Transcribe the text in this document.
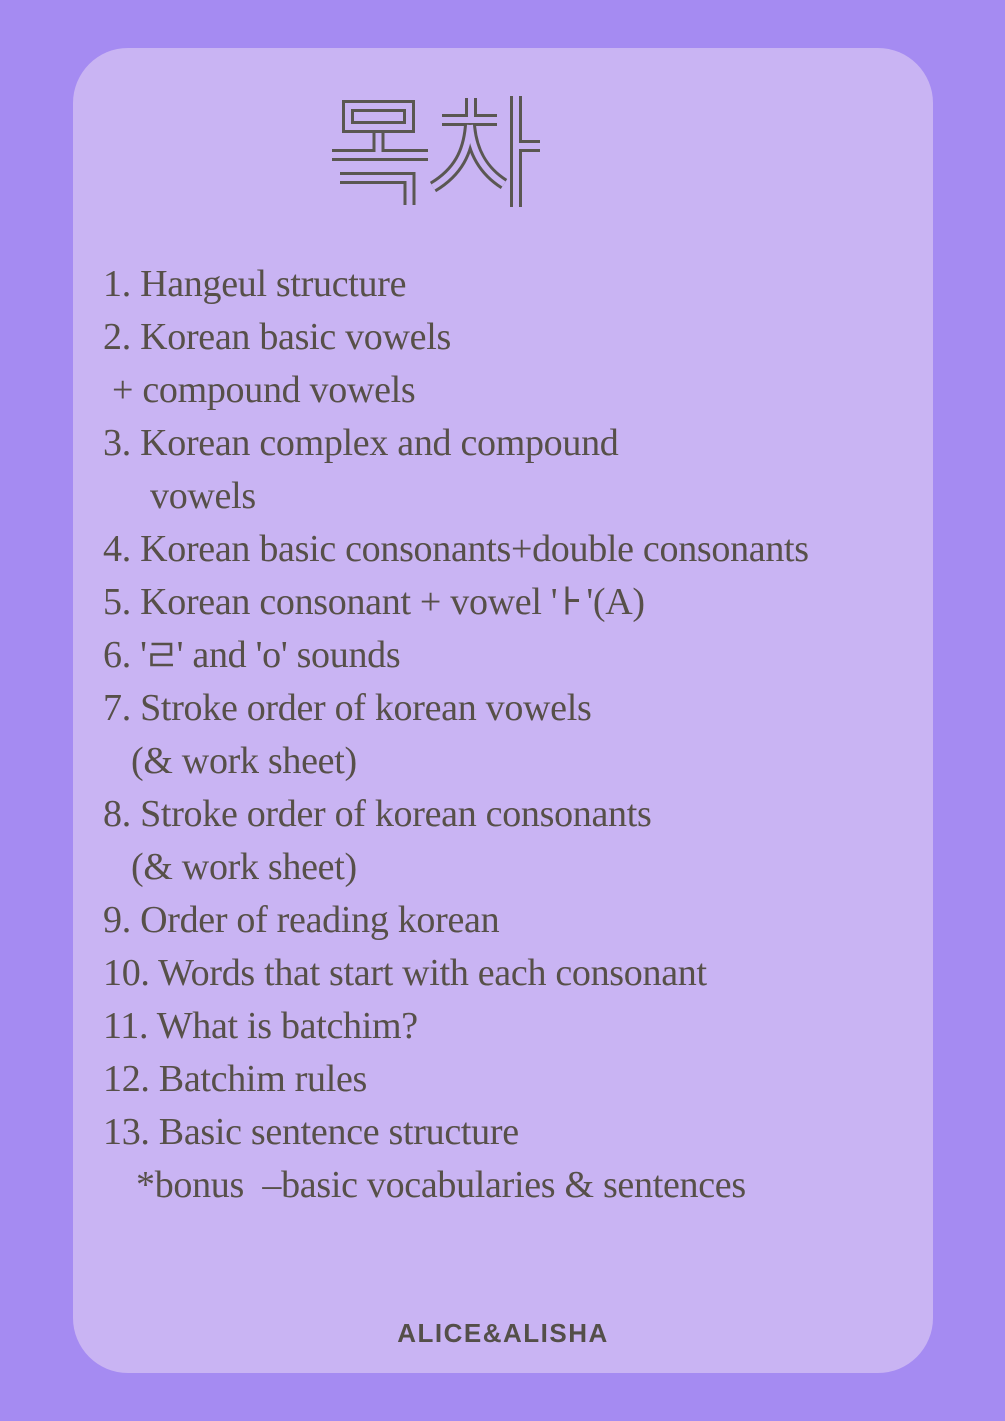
1. Hangeul structure
2. Korean basic vowels
+ compound vowels
3. Korean complex and compound
vowels
4. Korean basic consonants+double consonants
5. Korean consonant + vowel ' '(A)
6. ' ' and 'o' sounds
7. Stroke order of korean vowels
(& work sheet)
8. Stroke order of korean consonants
(& work sheet)
9. Order of reading korean
10. Words that start with each consonant
11. What is batchim?
12. Batchim rules
13. Basic sentence structure
*bonus  –basic vocabularies & sentences
ALICE&ALISHA
